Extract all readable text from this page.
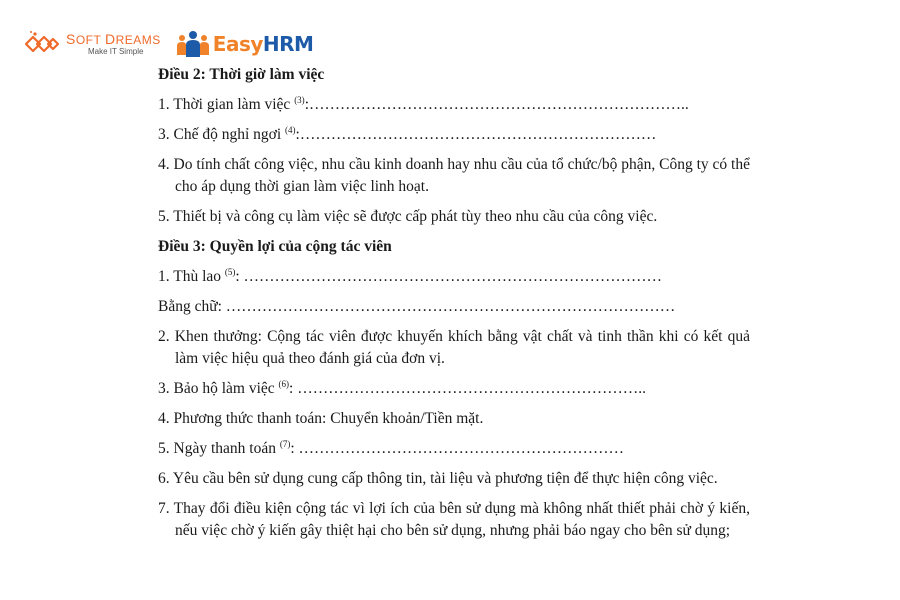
SOFT DREAMS
Make IT Simple	EasyHRM
Điều 2: Thời giờ làm việc
1. Thời gian làm việc $^{(3)}$:………………………………………………………………..
3. Chế độ nghỉ ngơi $^{(4)}$:……………………………………………………………
4. Do tính chất công việc, nhu cầu kinh doanh hay nhu cầu của tổ chức/bộ phận, Công ty có thể cho áp dụng thời gian làm việc linh hoạt.
5. Thiết bị và công cụ làm việc sẽ được cấp phát tùy theo nhu cầu của công việc.
Điều 3: Quyền lợi của cộng tác viên
1. Thù lao $^{(5)}$: ………………………………………………………………………
Bằng chữ: ……………………………………………………………………………
2. Khen thưởng: Cộng tác viên được khuyến khích bằng vật chất và tinh thần khi có kết quả làm việc hiệu quả theo đánh giá của đơn vị.
3. Bảo hộ làm việc $^{(6)}$: …………………………………………………………..
4. Phương thức thanh toán: Chuyển khoản/Tiền mặt.
5. Ngày thanh toán $^{(7)}$: ………………………………………………………
6. Yêu cầu bên sử dụng cung cấp thông tin, tài liệu và phương tiện để thực hiện công việc.
7. Thay đổi điều kiện cộng tác vì lợi ích của bên sử dụng mà không nhất thiết phải chờ ý kiến, nếu việc chờ ý kiến gây thiệt hại cho bên sử dụng, nhưng phải báo ngay cho bên sử dụng;
